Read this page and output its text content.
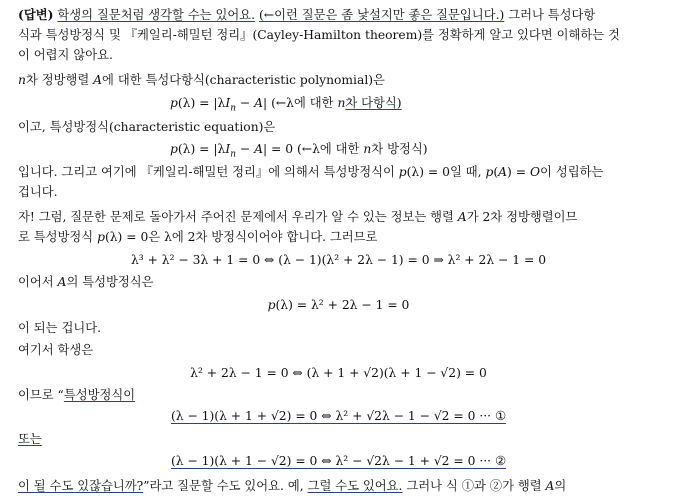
(답변) 학생의 질문처럼 생각할 수는 있어요. (←이런 질문은 좀 낯설지만 좋은 질문입니다.) 그러나 특성다항
식과 특성방정식 및 『케일리-해밀턴 정리』(Cayley-Hamilton theorem)를 정확하게 알고 있다면 이해하는 것
이 어렵지 않아요.
n차 정방행렬 A에 대한 특성다항식(characteristic polynomial)은
$p(\lambda) = |\lambda I_n - A|$ (←λ에 대한 n차 다항식)
이고, 특성방정식(characteristic equation)은
$p(\lambda) = |\lambda I_n - A| = 0$ (←λ에 대한 n차 방정식)
입니다. 그리고 여기에 『케일리-해밀턴 정리』에 의해서 특성방정식이 p(λ) = 0일 때, p(A) = O이 성립하는
겁니다.
자! 그럼, 질문한 문제로 돌아가서 주어진 문제에서 우리가 알 수 있는 정보는 행렬 A가 2차 정방행렬이므
로 특성방정식 p(λ) = 0은 λ에 2차 방정식이어야 합니다. 그러므로
λ³ + λ² − 3λ + 1 = 0 ⇔ (λ − 1)(λ² + 2λ − 1) = 0 ⇒ λ² + 2λ − 1 = 0
이어서 A의 특성방정식은
p(λ) = λ² + 2λ − 1 = 0
이 되는 겁니다.
여기서 학생은
λ² + 2λ − 1 = 0 ⇔ (λ + 1 + √2)(λ + 1 − √2) = 0
이므로 “특성방정식이
(λ − 1)(λ + 1 + √2) = 0 ⇔ λ² + √2λ − 1 − √2 = 0 ··· ①
또는
(λ − 1)(λ + 1 − √2) = 0 ⇔ λ² − √2λ − 1 + √2 = 0 ··· ②
이 될 수도 있잖습니까?”라고 질문할 수도 있어요. 예, 그럴 수도 있어요. 그러나 식 ①과 ②가 행렬 A의
